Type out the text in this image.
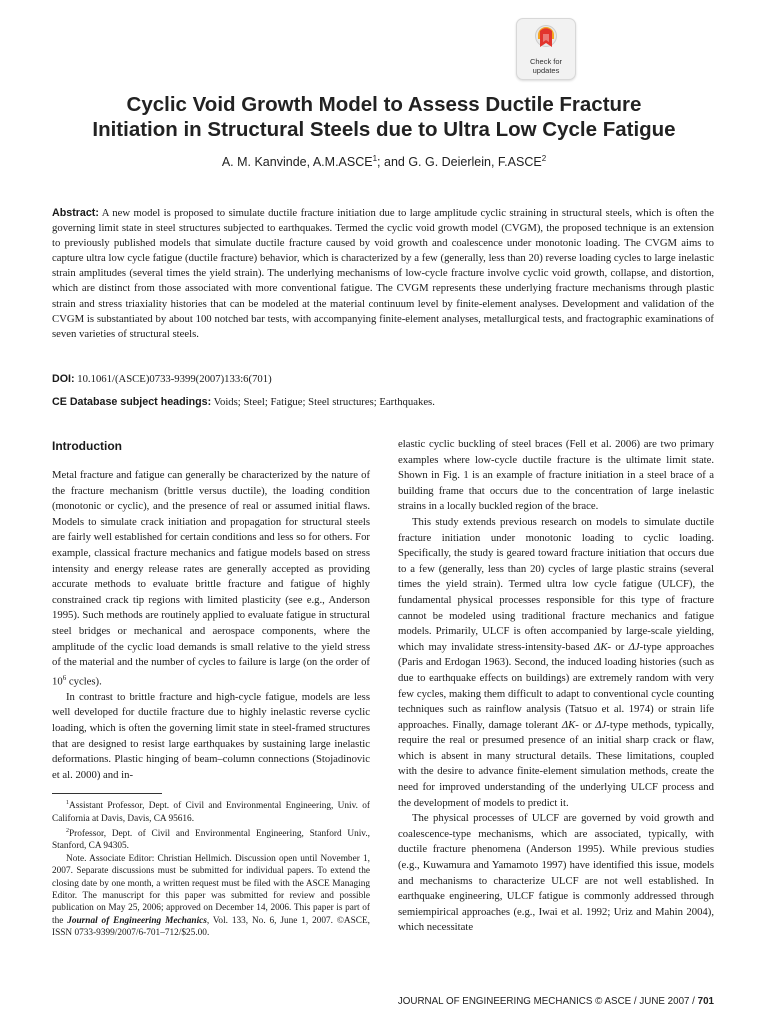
Check for
updates
Cyclic Void Growth Model to Assess Ductile Fracture
Initiation in Structural Steels due to Ultra Low Cycle Fatigue
A. M. Kanvinde, A.M.ASCE$^1$; and G. G. Deierlein, F.ASCE$^2$
Abstract: A new model is proposed to simulate ductile fracture initiation due to large amplitude cyclic straining in structural steels, which is often the governing limit state in steel structures subjected to earthquakes. Termed the cyclic void growth model (CVGM), the proposed technique is an extension to previously published models that simulate ductile fracture caused by void growth and coalescence under monotonic loading. The CVGM aims to capture ultra low cycle fatigue (ductile fracture) behavior, which is characterized by a few (generally, less than 20) reverse loading cycles to large inelastic strain amplitudes (several times the yield strain). The underlying mechanisms of low-cycle fracture involve cyclic void growth, collapse, and distortion, which are distinct from those associated with more conventional fatigue. The CVGM represents these underlying fracture mechanisms through plastic strain and stress triaxiality histories that can be modeled at the material continuum level by finite-element analyses. Development and validation of the CVGM is substantiated by about 100 notched bar tests, with accompanying finite-element analyses, metallurgical tests, and fractographic examinations of seven varieties of structural steels.
DOI: 10.1061/(ASCE)0733-9399(2007)133:6(701)
CE Database subject headings: Voids; Steel; Fatigue; Steel structures; Earthquakes.
Introduction

Metal fracture and fatigue can generally be characterized by the nature of the fracture mechanism (brittle versus ductile), the loading condition (monotonic or cyclic), and the presence of real or assumed initial flaws. Models to simulate crack initiation and propagation for structural steels are fairly well established for certain conditions and less so for others. For example, classical fracture mechanics and fatigue models based on stress intensity and energy release rates are generally accepted as providing accurate methods to evaluate brittle fracture and fatigue of highly constrained crack tip regions with limited plasticity (see e.g., Anderson 1995). Such methods are routinely applied to evaluate fatigue in structural steel bridges or mechanical and aerospace components, where the amplitude of the cyclic load demands is small relative to the yield stress of the material and the number of cycles to failure is large (on the order of $10^6$ cycles).

In contrast to brittle fracture and high-cycle fatigue, models are less well developed for ductile fracture due to highly inelastic reverse cyclic loading, which is often the governing limit state in steel-framed structures that are designed to resist large earthquakes by sustaining large inelastic deformations. Plastic hinging of beam–column connections (Stojadinovic et al. 2000) and in-

$^1$Assistant Professor, Dept. of Civil and Environmental Engineering, Univ. of California at Davis, Davis, CA 95616.

$^2$Professor, Dept. of Civil and Environmental Engineering, Stanford Univ., Stanford, CA 94305.

Note. Associate Editor: Christian Hellmich. Discussion open until November 1, 2007. Separate discussions must be submitted for individual papers. To extend the closing date by one month, a written request must be filed with the ASCE Managing Editor. The manuscript for this paper was submitted for review and possible publication on May 25, 2006; approved on December 14, 2006. This paper is part of the Journal of Engineering Mechanics, Vol. 133, No. 6, June 1, 2007. ©ASCE, ISSN 0733-9399/2007/6-701–712/$25.00.

elastic cyclic buckling of steel braces (Fell et al. 2006) are two primary examples where low-cycle ductile fracture is the ultimate limit state. Shown in Fig. 1 is an example of fracture initiation in a steel brace of a building frame that occurs due to the concentration of large inelastic strains in a locally buckled region of the brace.

This study extends previous research on models to simulate ductile fracture initiation under monotonic loading to cyclic loading. Specifically, the study is geared toward fracture initiation that occurs due to a few (generally, less than 20) cycles of large plastic strains (several times the yield strain). Termed ultra low cycle fatigue (ULCF), the fundamental physical processes responsible for this type of fracture cannot be modeled using traditional fracture mechanics and fatigue models. Primarily, ULCF is often accompanied by large-scale yielding, which may invalidate stress-intensity-based ΔK- or ΔJ-type approaches (Paris and Erdogan 1963). Second, the induced loading histories (such as due to earthquake effects on buildings) are extremely random with very few cycles, making them difficult to adapt to conventional cycle counting techniques such as rainflow analysis (Tatsuo et al. 1974) or strain life approaches. Finally, damage tolerant ΔK- or ΔJ-type methods, typically, require the real or presumed presence of an initial sharp crack or flaw, which is absent in many structural details. These limitations, coupled with the desire to advance finite-element simulation methods, create the need for improved understanding of the underlying ULCF process and the development of models to predict it.

The physical processes of ULCF are governed by void growth and coalescence-type mechanisms, which are associated, typically, with ductile fracture phenomena (Anderson 1995). While previous studies (e.g., Kuwamura and Yamamoto 1997) have identified this issue, models and mechanisms to characterize ULCF are not well established. In earthquake engineering, ULCF fatigue is commonly addressed through semiempirical approaches (e.g., Iwai et al. 1992; Uriz and Mahin 2004), which necessitate

JOURNAL OF ENGINEERING MECHANICS © ASCE / JUNE 2007 / 701
